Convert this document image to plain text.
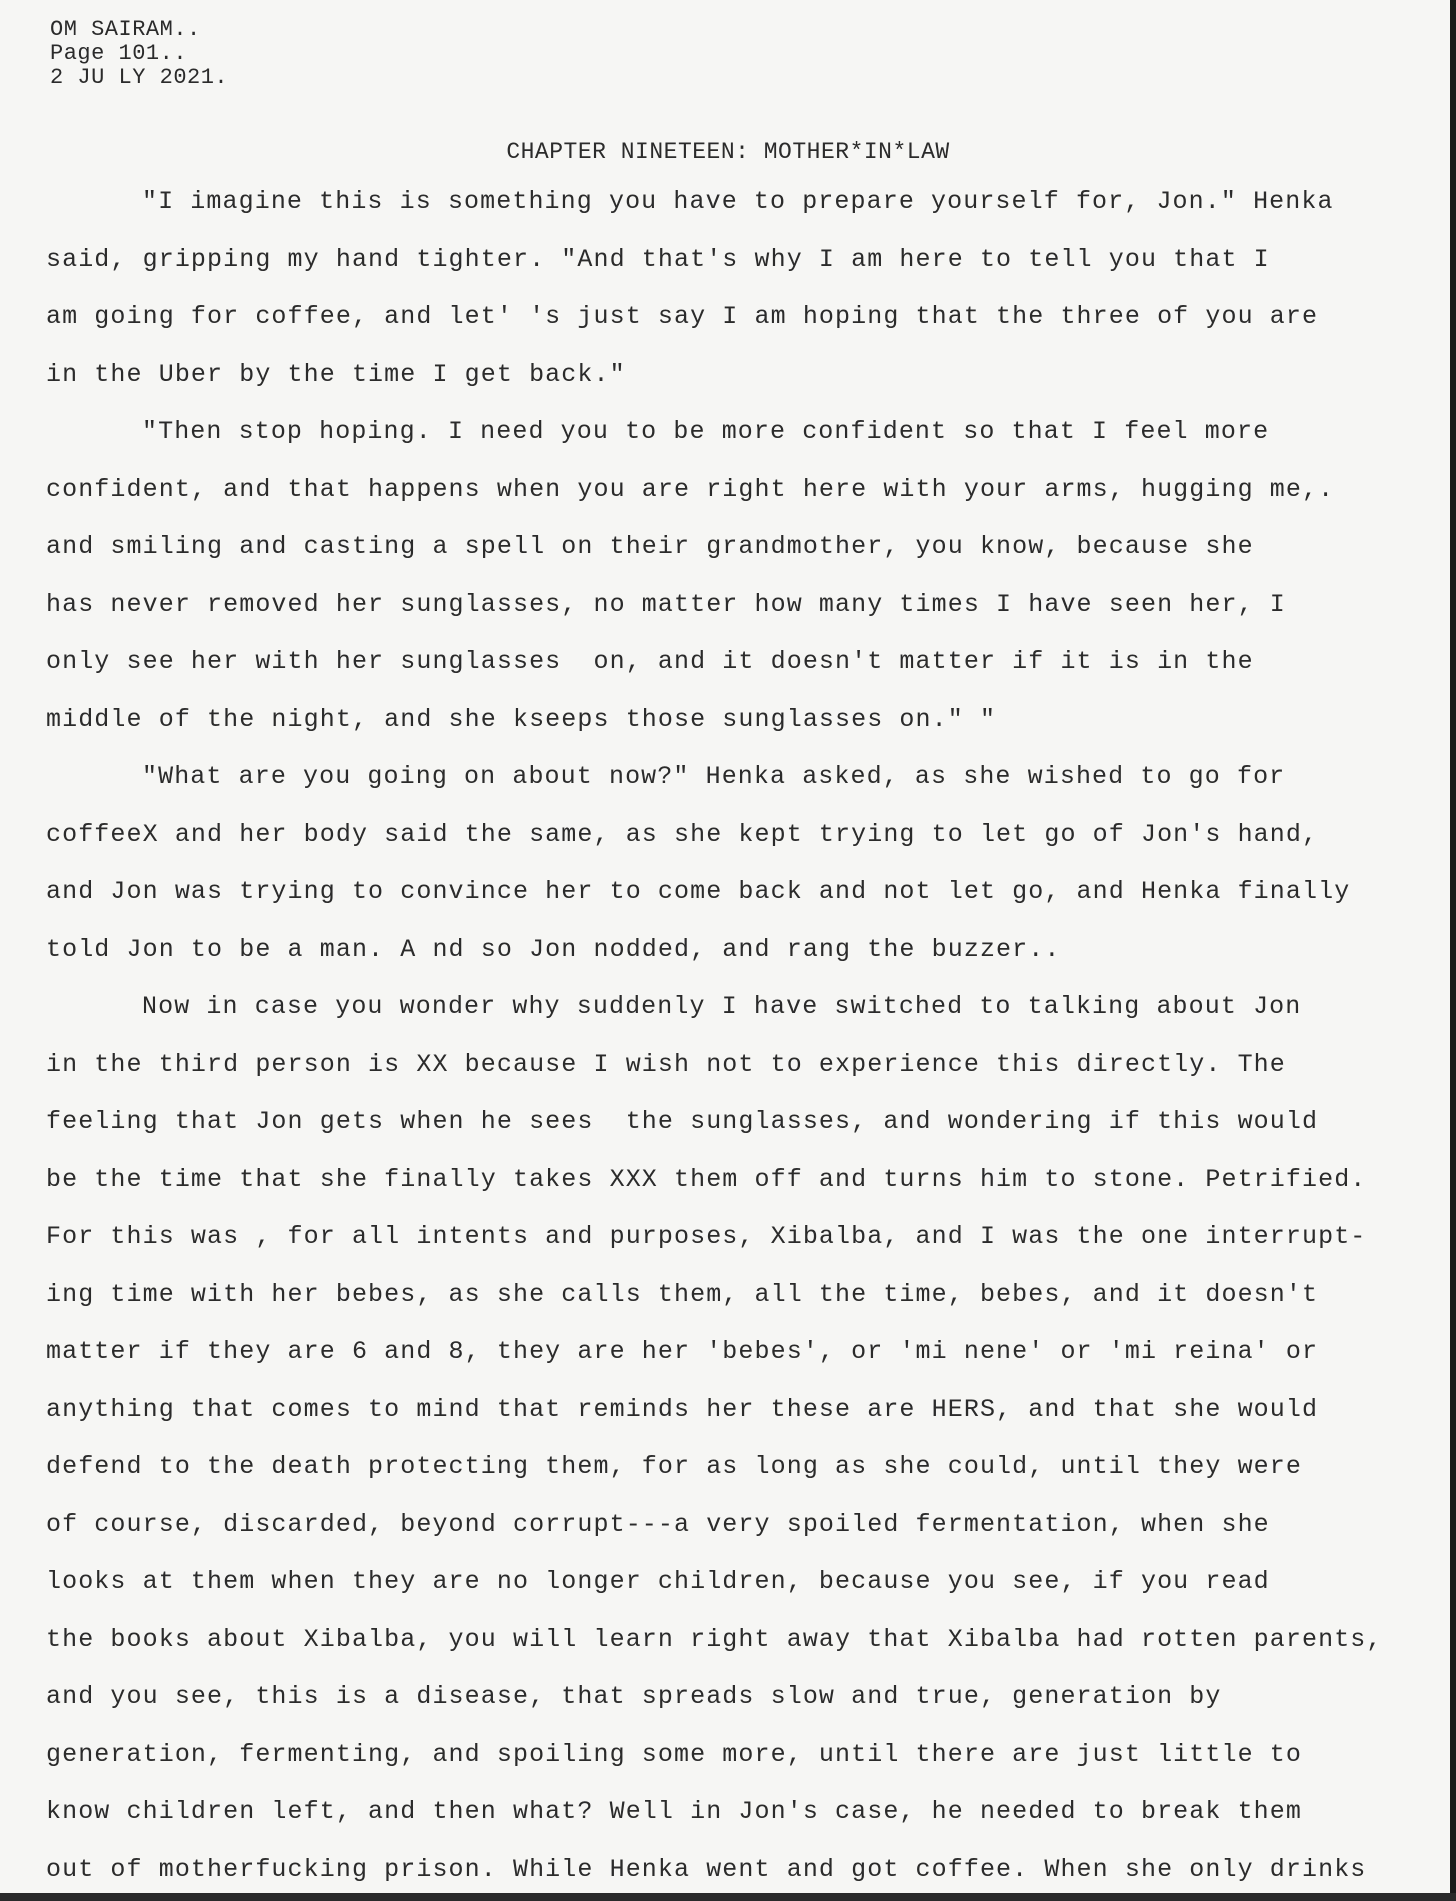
OM SAIRAM..
Page 101..
2 JU LY 2021.
CHAPTER NINETEEN: MOTHER*IN*LAW
"I imagine this is something you have to prepare yourself for, Jon." Henka
said, gripping my hand tighter. "And that's why I am here to tell you that I
am going for coffee, and let' 's just say I am hoping that the three of you are
in the Uber by the time I get back."
"Then stop hoping. I need you to be more confident so that I feel more
confident, and that happens when you are right here with your arms, hugging me,.
and smiling and casting a spell on their grandmother, you know, because she
has never removed her sunglasses, no matter how many times I have seen her, I
only see her with her sunglasses  on, and it doesn't matter if it is in the
middle of the night, and she kseeps those sunglasses on." "
"What are you going on about now?" Henka asked, as she wished to go for
coffeeX and her body said the same, as she kept trying to let go of Jon's hand,
and Jon was trying to convince her to come back and not let go, and Henka finally
told Jon to be a man. A nd so Jon nodded, and rang the buzzer..
Now in case you wonder why suddenly I have switched to talking about Jon
in the third person is XX because I wish not to experience this directly. The
feeling that Jon gets when he sees  the sunglasses, and wondering if this would
be the time that she finally takes XXX them off and turns him to stone. Petrified.
For this was , for all intents and purposes, Xibalba, and I was the one interrupt-
ing time with her bebes, as she calls them, all the time, bebes, and it doesn't
matter if they are 6 and 8, they are her 'bebes', or 'mi nene' or 'mi reina' or
anything that comes to mind that reminds her these are HERS, and that she would
defend to the death protecting them, for as long as she could, until they were
of course, discarded, beyond corrupt---a very spoiled fermentation, when she
looks at them when they are no longer children, because you see, if you read
the books about Xibalba, you will learn right away that Xibalba had rotten parents,
and you see, this is a disease, that spreads slow and true, generation by
generation, fermenting, and spoiling some more, until there are just little to
know children left, and then what? Well in Jon's case, he needed to break them
out of motherfucking prison. While Henka went and got coffee. When she only drinks
